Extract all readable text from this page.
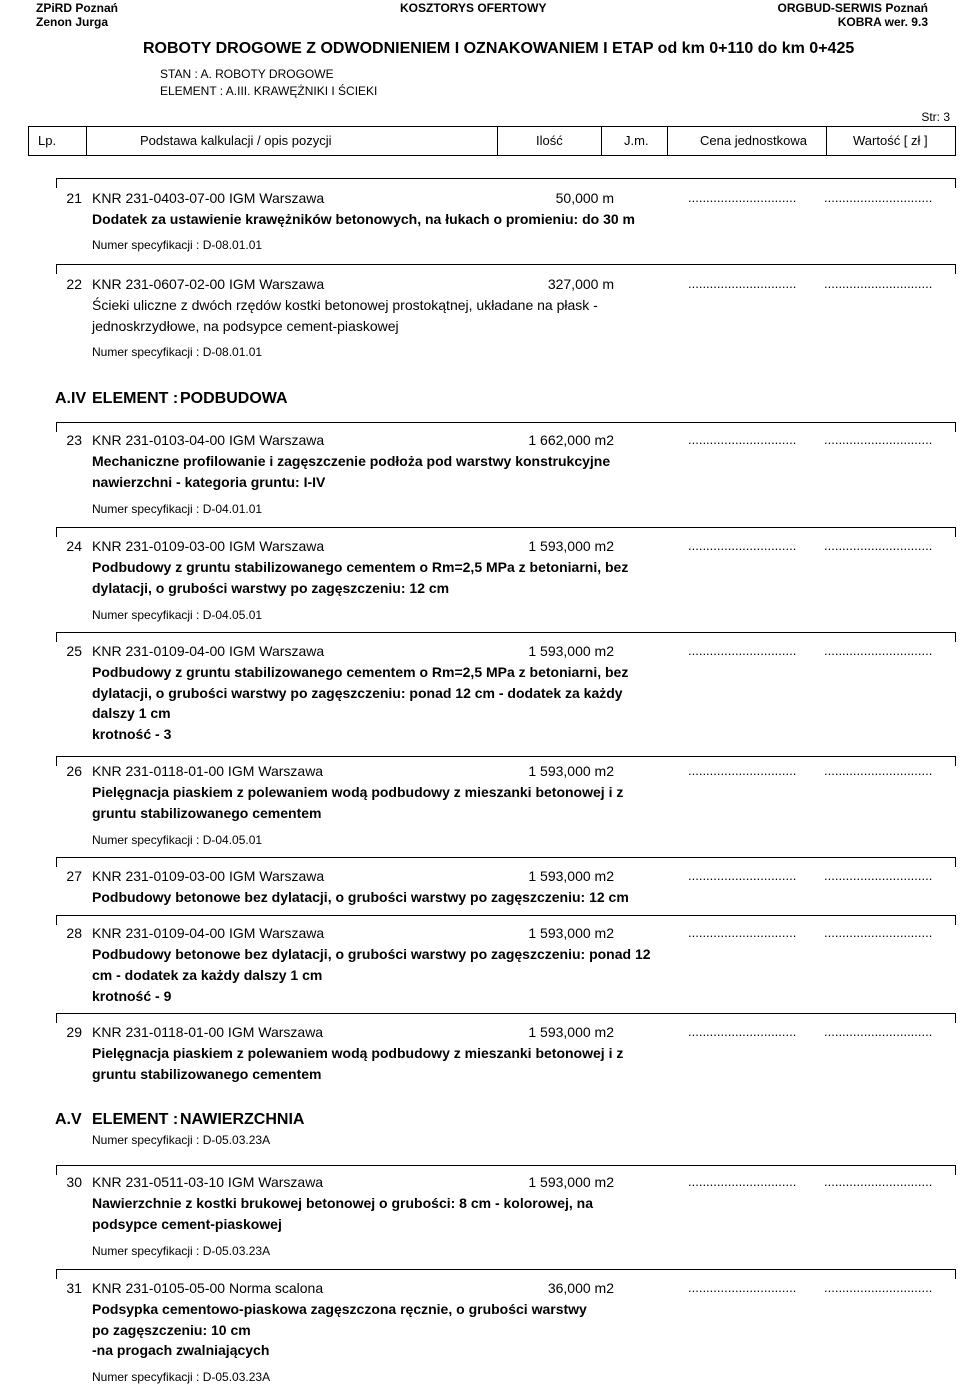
ZPiRD Poznań
Zenon Jurga
KOSZTORYS OFERTOWY	ORGBUD-SERWIS Poznań
KOBRA wer. 9.3
ROBOTY DROGOWE Z ODWODNIENIEM I OZNAKOWANIEM I ETAP od km 0+110 do km 0+425
STAN : A. ROBOTY DROGOWE
ELEMENT : A.III. KRAWĘŻNIKI I ŚCIEKI
Str: 3
Lp.	Podstawa kalkulacji / opis pozycji	Ilość	J.m.	Cena jednostkowa	Wartość [ zł ]
21 KNR 231-0403-07-00 IGM Warszawa	50,000 m	.............................. ..............................
Dodatek za ustawienie krawężników betonowych, na łukach o promieniu: do 30 m
Numer specyfikacji : D-08.01.01
22 KNR 231-0607-02-00 IGM Warszawa	327,000 m	.............................. ..............................
Ścieki uliczne z dwóch rzędów kostki betonowej prostokątnej, układane na płask - jednoskrzydłowe, na podsypce cement-piaskowej
Numer specyfikacji : D-08.01.01
A.IV ELEMENT : PODBUDOWA
23 KNR 231-0103-04-00 IGM Warszawa	1 662,000 m2	.............................. ..............................
Mechaniczne profilowanie i zagęszczenie podłoża pod warstwy konstrukcyjne nawierzchni - kategoria gruntu: I-IV
Numer specyfikacji : D-04.01.01
24 KNR 231-0109-03-00 IGM Warszawa	1 593,000 m2	.............................. ..............................
Podbudowy z gruntu stabilizowanego cementem o Rm=2,5 MPa z betoniarni, bez dylatacji, o grubości warstwy po zagęszczeniu: 12 cm
Numer specyfikacji : D-04.05.01
25 KNR 231-0109-04-00 IGM Warszawa	1 593,000 m2	.............................. ..............................
Podbudowy z gruntu stabilizowanego cementem o Rm=2,5 MPa z betoniarni, bez dylatacji, o grubości warstwy po zagęszczeniu: ponad 12 cm - dodatek za każdy dalszy 1 cm
krotność - 3
26 KNR 231-0118-01-00 IGM Warszawa	1 593,000 m2	.............................. ..............................
Pielęgnacja piaskiem z polewaniem wodą podbudowy z mieszanki betonowej i z gruntu stabilizowanego cementem
Numer specyfikacji : D-04.05.01
27 KNR 231-0109-03-00 IGM Warszawa	1 593,000 m2	.............................. ..............................
Podbudowy betonowe bez dylatacji, o grubości warstwy po zagęszczeniu: 12 cm
28 KNR 231-0109-04-00 IGM Warszawa	1 593,000 m2	.............................. ..............................
Podbudowy betonowe bez dylatacji, o grubości warstwy po zagęszczeniu: ponad 12 cm - dodatek za każdy dalszy 1 cm
krotność - 9
29 KNR 231-0118-01-00 IGM Warszawa	1 593,000 m2	.............................. ..............................
Pielęgnacja piaskiem z polewaniem wodą podbudowy z mieszanki betonowej i z gruntu stabilizowanego cementem
A.V ELEMENT : NAWIERZCHNIA
Numer specyfikacji : D-05.03.23A
30 KNR 231-0511-03-10 IGM Warszawa	1 593,000 m2	.............................. ..............................
Nawierzchnie z kostki brukowej betonowej o grubości: 8 cm - kolorowej, na podsypce cement-piaskowej
Numer specyfikacji : D-05.03.23A
31 KNR 231-0105-05-00 Norma scalona	36,000 m2	.............................. ..............................
Podsypka cementowo-piaskowa zagęszczona ręcznie, o grubości warstwy po zagęszczeniu: 10 cm
-na progach zwalniających
Numer specyfikacji : D-05.03.23A
